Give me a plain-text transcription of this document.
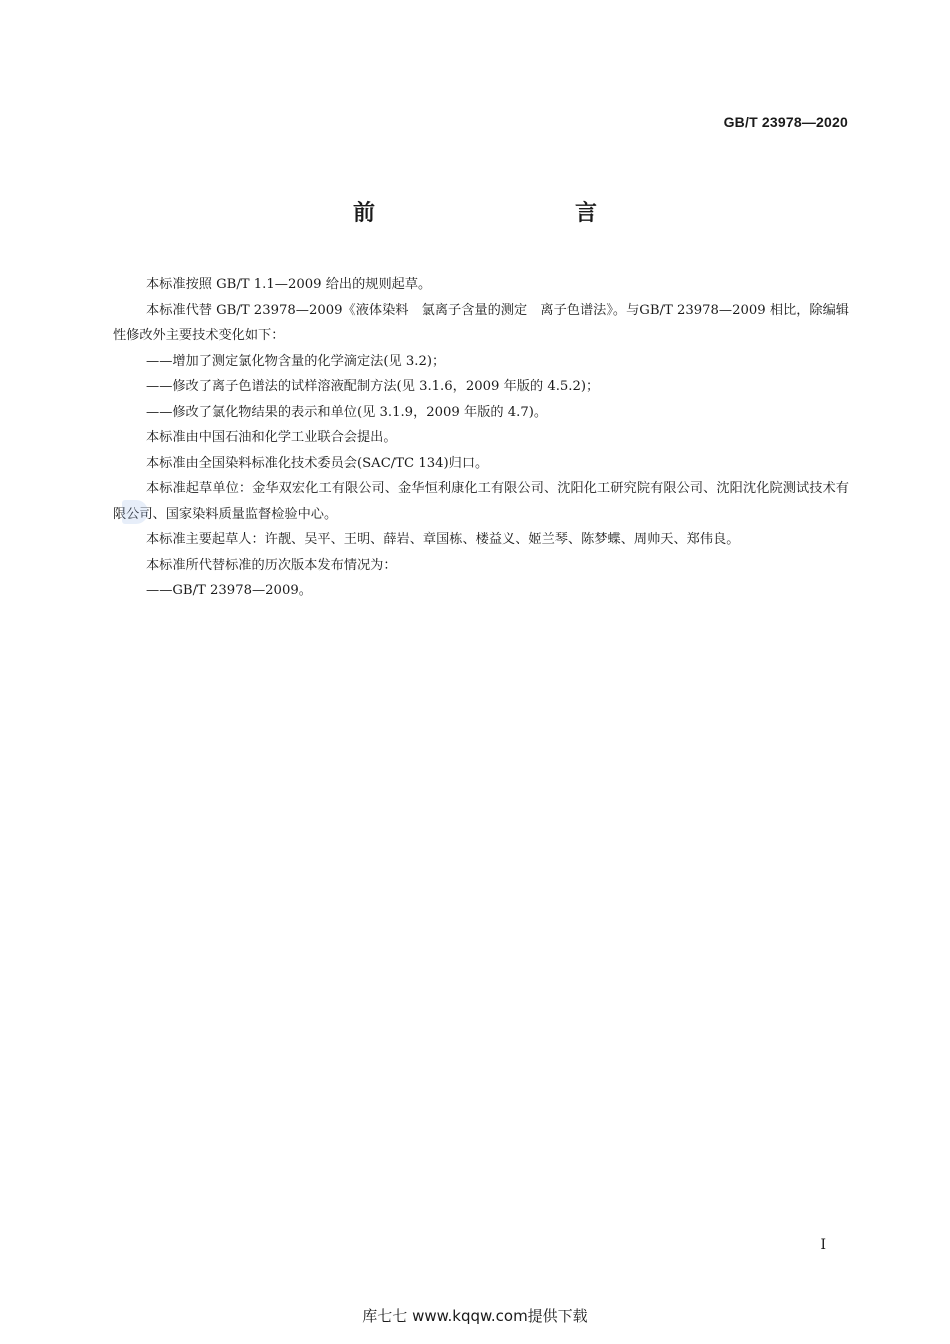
GB/T 23978—2020
前　　言

本标准按照 GB/T 1.1—2009 给出的规则起草。

本标准代替 GB/T 23978—2009《液体染料　氯离子含量的测定　离子色谱法》。与GB/T 23978—2009 相比，除编辑性修改外主要技术变化如下：

——增加了测定氯化物含量的化学滴定法(见 3.2)；

——修改了离子色谱法的试样溶液配制方法(见 3.1.6，2009 年版的 4.5.2)；

——修改了氯化物结果的表示和单位(见 3.1.9，2009 年版的 4.7)。

本标准由中国石油和化学工业联合会提出。

本标准由全国染料标准化技术委员会(SAC/TC 134)归口。

本标准起草单位：金华双宏化工有限公司、金华恒利康化工有限公司、沈阳化工研究院有限公司、沈阳沈化院测试技术有限公司、国家染料质量监督检验中心。

本标准主要起草人：许靓、吴平、王明、薛岩、章国栋、楼益义、姬兰琴、陈梦蝶、周帅天、郑伟良。

本标准所代替标准的历次版本发布情况为：

——GB/T 23978—2009。

I
库七七 www.kqqw.com提供下载
